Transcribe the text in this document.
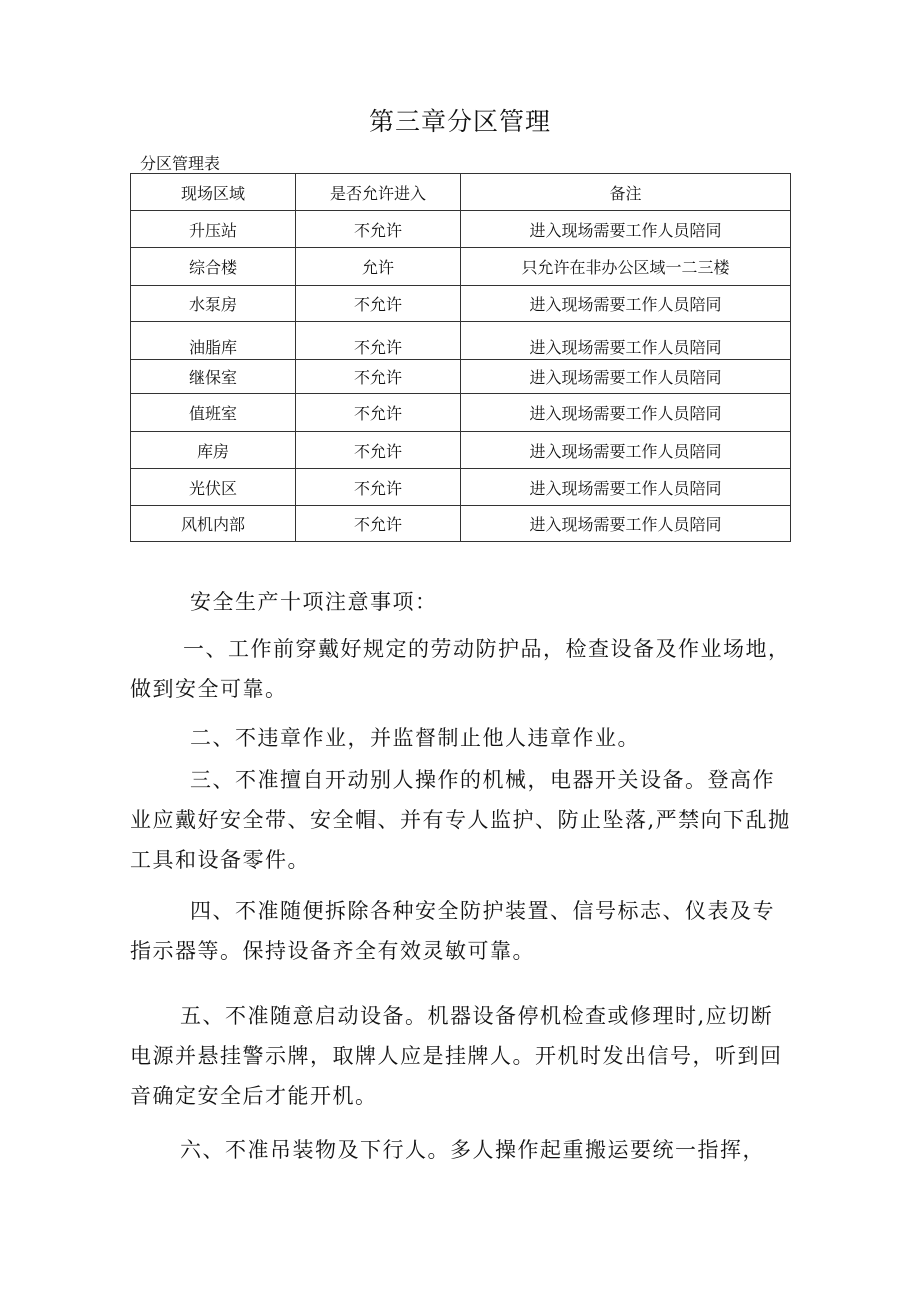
第三章分区管理
分区管理表
现场区域	是否允许进入	备注
升压站	不允许	进入现场需要工作人员陪同
综合楼	允许	只允许在非办公区域一二三楼
水泵房	不允许	进入现场需要工作人员陪同
油脂库	不允许	进入现场需要工作人员陪同
继保室	不允许	进入现场需要工作人员陪同
值班室	不允许	进入现场需要工作人员陪同
库房	不允许	进入现场需要工作人员陪同
光伏区	不允许	进入现场需要工作人员陪同
风机内部	不允许	进入现场需要工作人员陪同
安全生产十项注意事项：

一、工作前穿戴好规定的劳动防护品，检查设备及作业场地，做到安全可靠。

二、不违章作业，并监督制止他人违章作业。

三、不准擅自开动别人操作的机械，电器开关设备。登高作业应戴好安全带、安全帽、并有专人监护、防止坠落,严禁向下乱抛工具和设备零件。

四、不准随便拆除各种安全防护装置、信号标志、仪表及专指示器等。保持设备齐全有效灵敏可靠。

五、不准随意启动设备。机器设备停机检查或修理时,应切断电源并悬挂警示牌，取牌人应是挂牌人。开机时发出信号，听到回音确定安全后才能开机。

六、不准吊装物及下行人。多人操作起重搬运要统一指挥，
